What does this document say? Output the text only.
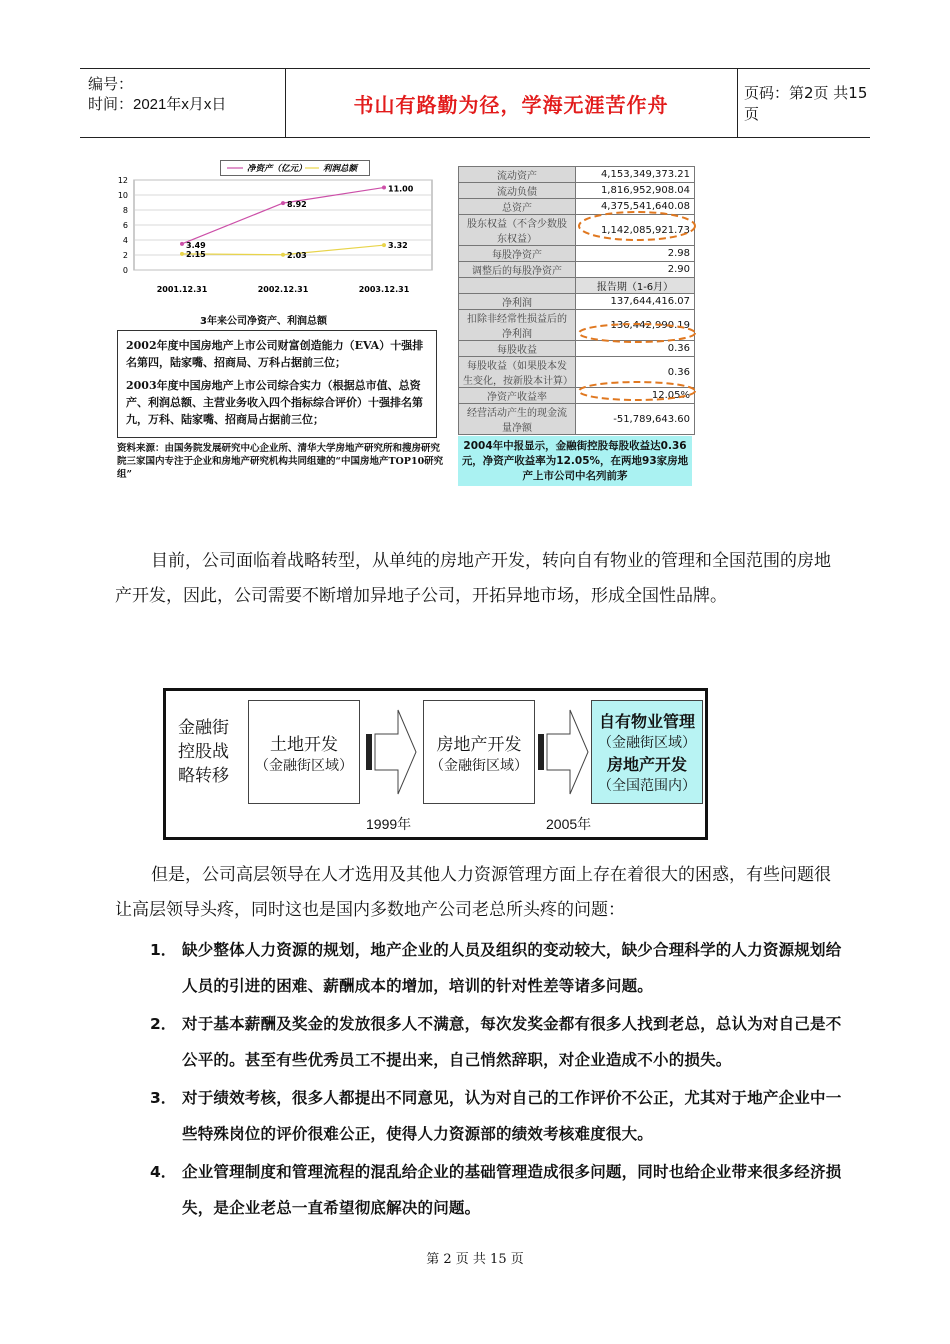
编号：
时间：2021年x月x日	书山有路勤为径，学海无涯苦作舟	页码：第2页 共15页
净资产（亿元） 利润总额
0
2
4
6
8
10
12
2001.12.31	2002.12.31	2003.12.31
3.49
8.92
11.00
2.15	2.03
3.32
3年来公司净资产、利润总额

2002年度中国房地产上市公司财富创造能力（EVA）十强排名第四，陆家嘴、招商局、万科占据前三位；

2003年度中国房地产上市公司综合实力（根据总市值、总资产、利润总额、主营业务收入四个指标综合评价）十强排名第九，万科、陆家嘴、招商局占据前三位；

资料来源：由国务院发展研究中心企业所、清华大学房地产研究所和搜房研究院三家国内专注于企业和房地产研究机构共同组建的“中国房地产TOP10研究组”
流动资产	4,153,349,373.21
流动负债	1,816,952,908.04
总资产	4,375,541,640.08
股东权益（不含少数股东权益）	1,142,085,921.73
每股净资产	2.98
调整后的每股净资产	2.90
	报告期（1-6月）
净利润	137,644,416.07
扣除非经常性损益后的净利润	136,442,990.19
每股收益	0.36
每股收益（如果股本发生变化，按新股本计算）	0.36
净资产收益率	12.05%
经营活动产生的现金流量净额	-51,789,643.60
2004年中报显示，金融街控股每股收益达0.36元，净资产收益率为12.05%，在两地93家房地产上市公司中名列前茅
目前，公司面临着战略转型，从单纯的房地产开发，转向自有物业的管理和全国范围的房地产开发，因此，公司需要不断增加异地子公司，开拓异地市场，形成全国性品牌。
金融街控股战略转移
土地开发
（金融街区域）
房地产开发
（金融街区域）
自有物业管理
（金融街区域）
房地产开发
（全国范围内）
1999年	2005年
但是，公司高层领导在人才选用及其他人力资源管理方面上存在着很大的困惑，有些问题很让高层领导头疼，同时这也是国内多数地产公司老总所头疼的问题：
1． 缺少整体人力资源的规划，地产企业的人员及组织的变动较大，缺少合理科学的人力资源规划给人员的引进的困难、薪酬成本的增加，培训的针对性差等诸多问题。
2． 对于基本薪酬及奖金的发放很多人不满意，每次发奖金都有很多人找到老总，总认为对自己是不公平的。甚至有些优秀员工不提出来，自己悄然辞职，对企业造成不小的损失。
3． 对于绩效考核，很多人都提出不同意见，认为对自己的工作评价不公正，尤其对于地产企业中一些特殊岗位的评价很难公正，使得人力资源部的绩效考核难度很大。
4． 企业管理制度和管理流程的混乱给企业的基础管理造成很多问题，同时也给企业带来很多经济损失，是企业老总一直希望彻底解决的问题。
第 2 页 共 15 页
